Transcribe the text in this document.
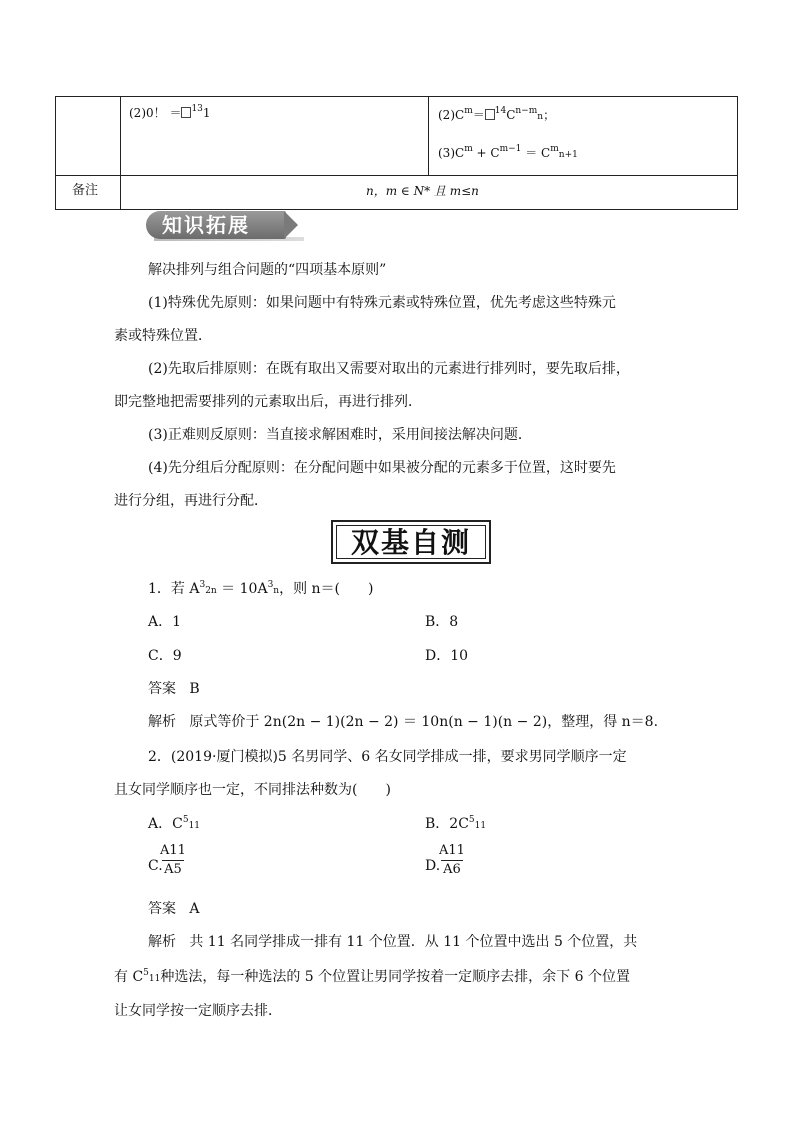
(2)0！ ＝ $^{13}$1	$(2)C^m= ^{14}C^{n-m}n$；
$(3)C^m + C^{m-1} = C^mn+1$
备注	n，m ∈ N* 且 m≤n
知识拓展
解决排列与组合问题的“四项基本原则”
(1)特殊优先原则：如果问题中有特殊元素或特殊位置，优先考虑这些特殊元
素或特殊位置．
(2)先取后排原则：在既有取出又需要对取出的元素进行排列时，要先取后排，
即完整地把需要排列的元素取出后，再进行排列．
(3)正难则反原则：当直接求解困难时，采用间接法解决问题．
(4)先分组后分配原则：在分配问题中如果被分配的元素多于位置，这时要先
进行分组，再进行分配．
双基自测
1．若 $A^32n = 10A^3n$，则 n＝(　　)
A．1	B．8
C．9	D．10
答案 B
解析 原式等价于 2n(2n − 1)(2n − 2) ＝ 10n(n − 1)(n − 2)，整理，得 n＝8.
2．(2019·厦门模拟)5 名男同学、6 名女同学排成一排，要求男同学顺序一定
且女同学顺序也一定，不同排法种数为(　　)
A．$C^511$	B．$2C^511$
C.
A11
A5	D.
A11
A6
答案 A
解析 共 11 名同学排成一排有 11 个位置．从 11 个位置中选出 5 个位置，共
有 $C^511$种选法，每一种选法的 5 个位置让男同学按着一定顺序去排，余下 6 个位置
让女同学按一定顺序去排．
